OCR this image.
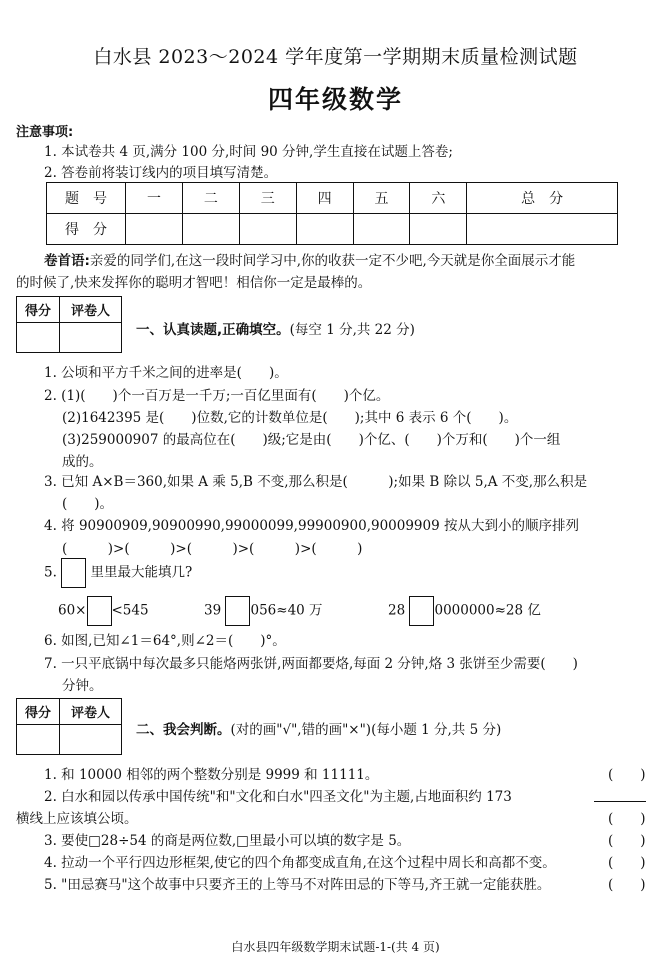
白水县 2023～2024 学年度第一学期期末质量检测试题
四年级数学
注意事项:
1. 本试卷共 4 页,满分 100 分,时间 90 分钟,学生直接在试题上答卷;
2. 答卷前将装订线内的项目填写清楚。
题　号	一	二	三	四	五	六	总　分
得　分							
卷首语:亲爱的同学们,在这一段时间学习中,你的收获一定不少吧,今天就是你全面展示才能
的时候了,快来发挥你的聪明才智吧！相信你一定是最棒的。
得分	评卷人

一、认真读题,正确填空。(每空 1 分,共 22 分)
1. 公顷和平方千米之间的进率是(　　)。
2. (1)(　　)个一百万是一千万;一百亿里面有(　　)个亿。
(2)1642395 是(　　)位数,它的计数单位是(　　);其中 6 表示 6 个(　　)。
(3)259000907 的最高位在(　　)级;它是由(　　)个亿、(　　)个万和(　　)个一组
成的。
3. 已知 A×B＝360,如果 A 乘 5,B 不变,那么积是(　　　);如果 B 除以 5,A 不变,那么积是
(　　)。
4. 将 90900909,90900990,99000099,99900900,90009909 按从大到小的顺序排列
(　　　)>(　　　)>(　　　)>(　　　)>(　　　)
5. 里里最大能填几?
60× <545	39 056≈40 万	28 0000000≈28 亿
6. 如图,已知∠1＝64°,则∠2＝(　　)°。
7. 一只平底锅中每次最多只能烙两张饼,两面都要烙,每面 2 分钟,烙 3 张饼至少需要(　　)
分钟。
得分	评卷人

二、我会判断。(对的画"√",错的画"×")(每小题 1 分,共 5 分)
1. 和 10000 相邻的两个整数分别是 9999 和 11111。	(　　)
2. 白水和园以传承中国传统"和"文化和白水"四圣文化"为主题,占地面积约 173

横线上应该填公顷。	(　　)
3. 要使□28÷54 的商是两位数,□里最小可以填的数字是 5。	(　　)
4. 拉动一个平行四边形框架,使它的四个角都变成直角,在这个过程中周长和高都不变。	(　　)
5. "田忌赛马"这个故事中只要齐王的上等马不对阵田忌的下等马,齐王就一定能获胜。	(　　)
白水县四年级数学期末试题-1-(共 4 页)
